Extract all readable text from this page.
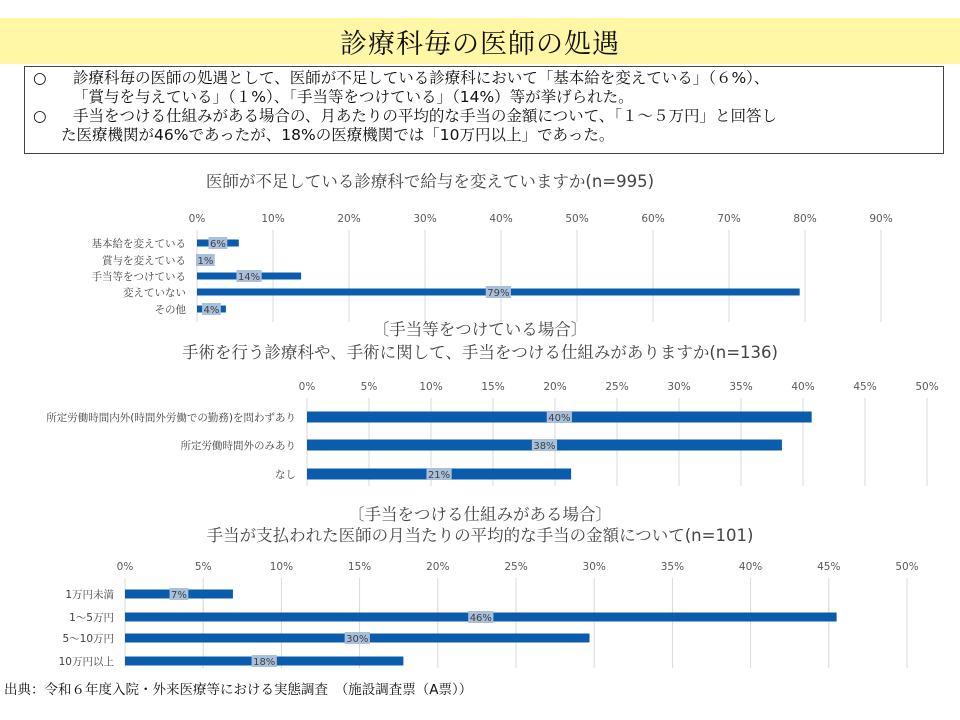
診療科毎の医師の処遇

○ 診療科毎の医師の処遇として、医師が不足している診療科において「基本給を変えている」（６%）、

「賞与を与えている」（１%）、「手当等をつけている」（14%）等が挙げられた。

○ 手当をつける仕組みがある場合の、月あたりの平均的な手当の金額について、「１～５万円」と回答し

た医療機関が46%であったが、18%の医療機関では「10万円以上」であった。

医師が不足している診療科で給与を変えていますか(n=995)
0%	10%	20%	30%	40%	50%	60%	70%	80%	90%
基本給を変えている 6%
賞与を変えている 1%
手当等をつけている	14%
変えていない	79%
その他 4%
〔手当等をつけている場合〕
手術を行う診療科や、手術に関して、手当をつける仕組みがありますか(n=136)
0%	5%	10%	15%	20%	25%	30%	35%	40%	45%	50%
所定労働時間内外(時間外労働での勤務)を問わずあり	40%
所定労働時間外のみあり	38%
なし	21%
〔手当をつける仕組みがある場合〕
手当が支払われた医師の月当たりの平均的な手当の金額について(n=101)
0%	5%	10%	15%	20%	25%	30%	35%	40%	45%	50%
1万円未満	7%
1～5万円	46%
5～10万円	30%
10万円以上	18%
出典：令和６年度入院・外来医療等における実態調査　（施設調査票（A票））
